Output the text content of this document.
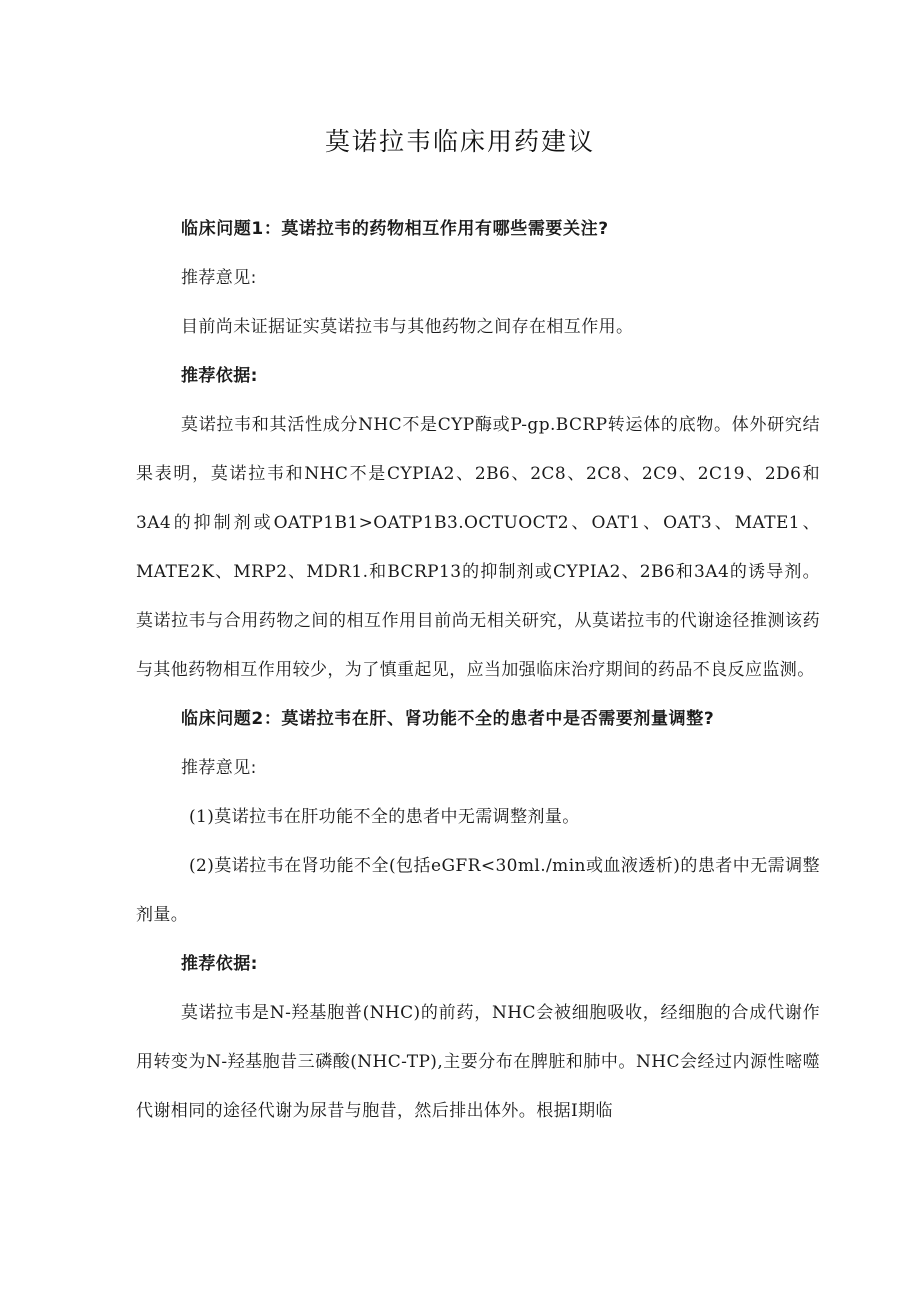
莫诺拉韦临床用药建议

临床问题1：莫诺拉韦的药物相互作用有哪些需要关注?

推荐意见:

目前尚未证据证实莫诺拉韦与其他药物之间存在相互作用。

推荐依据:

莫诺拉韦和其活性成分NHC不是CYP酶或P-gp.BCRP转运体的底物。体外研究结果表明，莫诺拉韦和NHC不是CYPIA2、2B6、2C8、2C8、2C9、2C19、2D6和3A4的抑制剂或OATP1B1>OATP1B3.OCTUOCT2、OAT1、OAT3、MATE1、MATE2K、MRP2、MDR1.和BCRP13的抑制剂或CYPIA2、2B6和3A4的诱导剂。莫诺拉韦与合用药物之间的相互作用目前尚无相关研究，从莫诺拉韦的代谢途径推测该药与其他药物相互作用较少，为了慎重起见，应当加强临床治疗期间的药品不良反应监测。

临床问题2：莫诺拉韦在肝、肾功能不全的患者中是否需要剂量调整?

推荐意见:

(1)莫诺拉韦在肝功能不全的患者中无需调整剂量。

(2)莫诺拉韦在肾功能不全(包括eGFR<30ml./min或血液透析)的患者中无需调整剂量。

推荐依据:

莫诺拉韦是N-羟基胞普(NHC)的前药，NHC会被细胞吸收，经细胞的合成代谢作用转变为N-羟基胞昔三磷酸(NHC-TP),主要分布在脾脏和肺中。NHC会经过内源性嘧噬代谢相同的途径代谢为尿昔与胞昔，然后排出体外。根据I期临
